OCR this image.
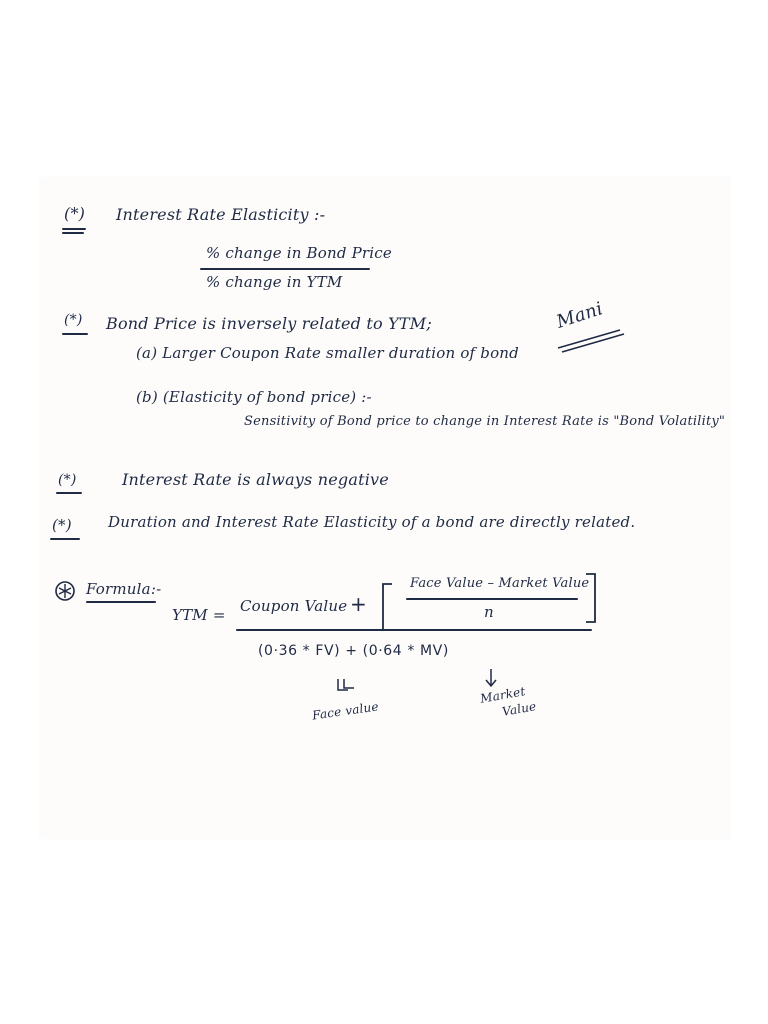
(*) Interest Rate Elasticity :-
% change in Bond Price
% change in YTM
(*) Bond Price is inversely related to YTM;	Mani
(a) Larger Coupon Rate smaller duration of bond
(b) (Elasticity of bond price) :-
Sensitivity of Bond price to change in Interest Rate is "Bond Volatility"
(*)	Interest Rate is always negative
(*) Duration and Interest Rate Elasticity of a bond are directly related.
Formula:-
YTM = Coupon Value +
Face Value – Market Value
n
(0·36 * FV) + (0·64 * MV)
Face value
Market
Value
